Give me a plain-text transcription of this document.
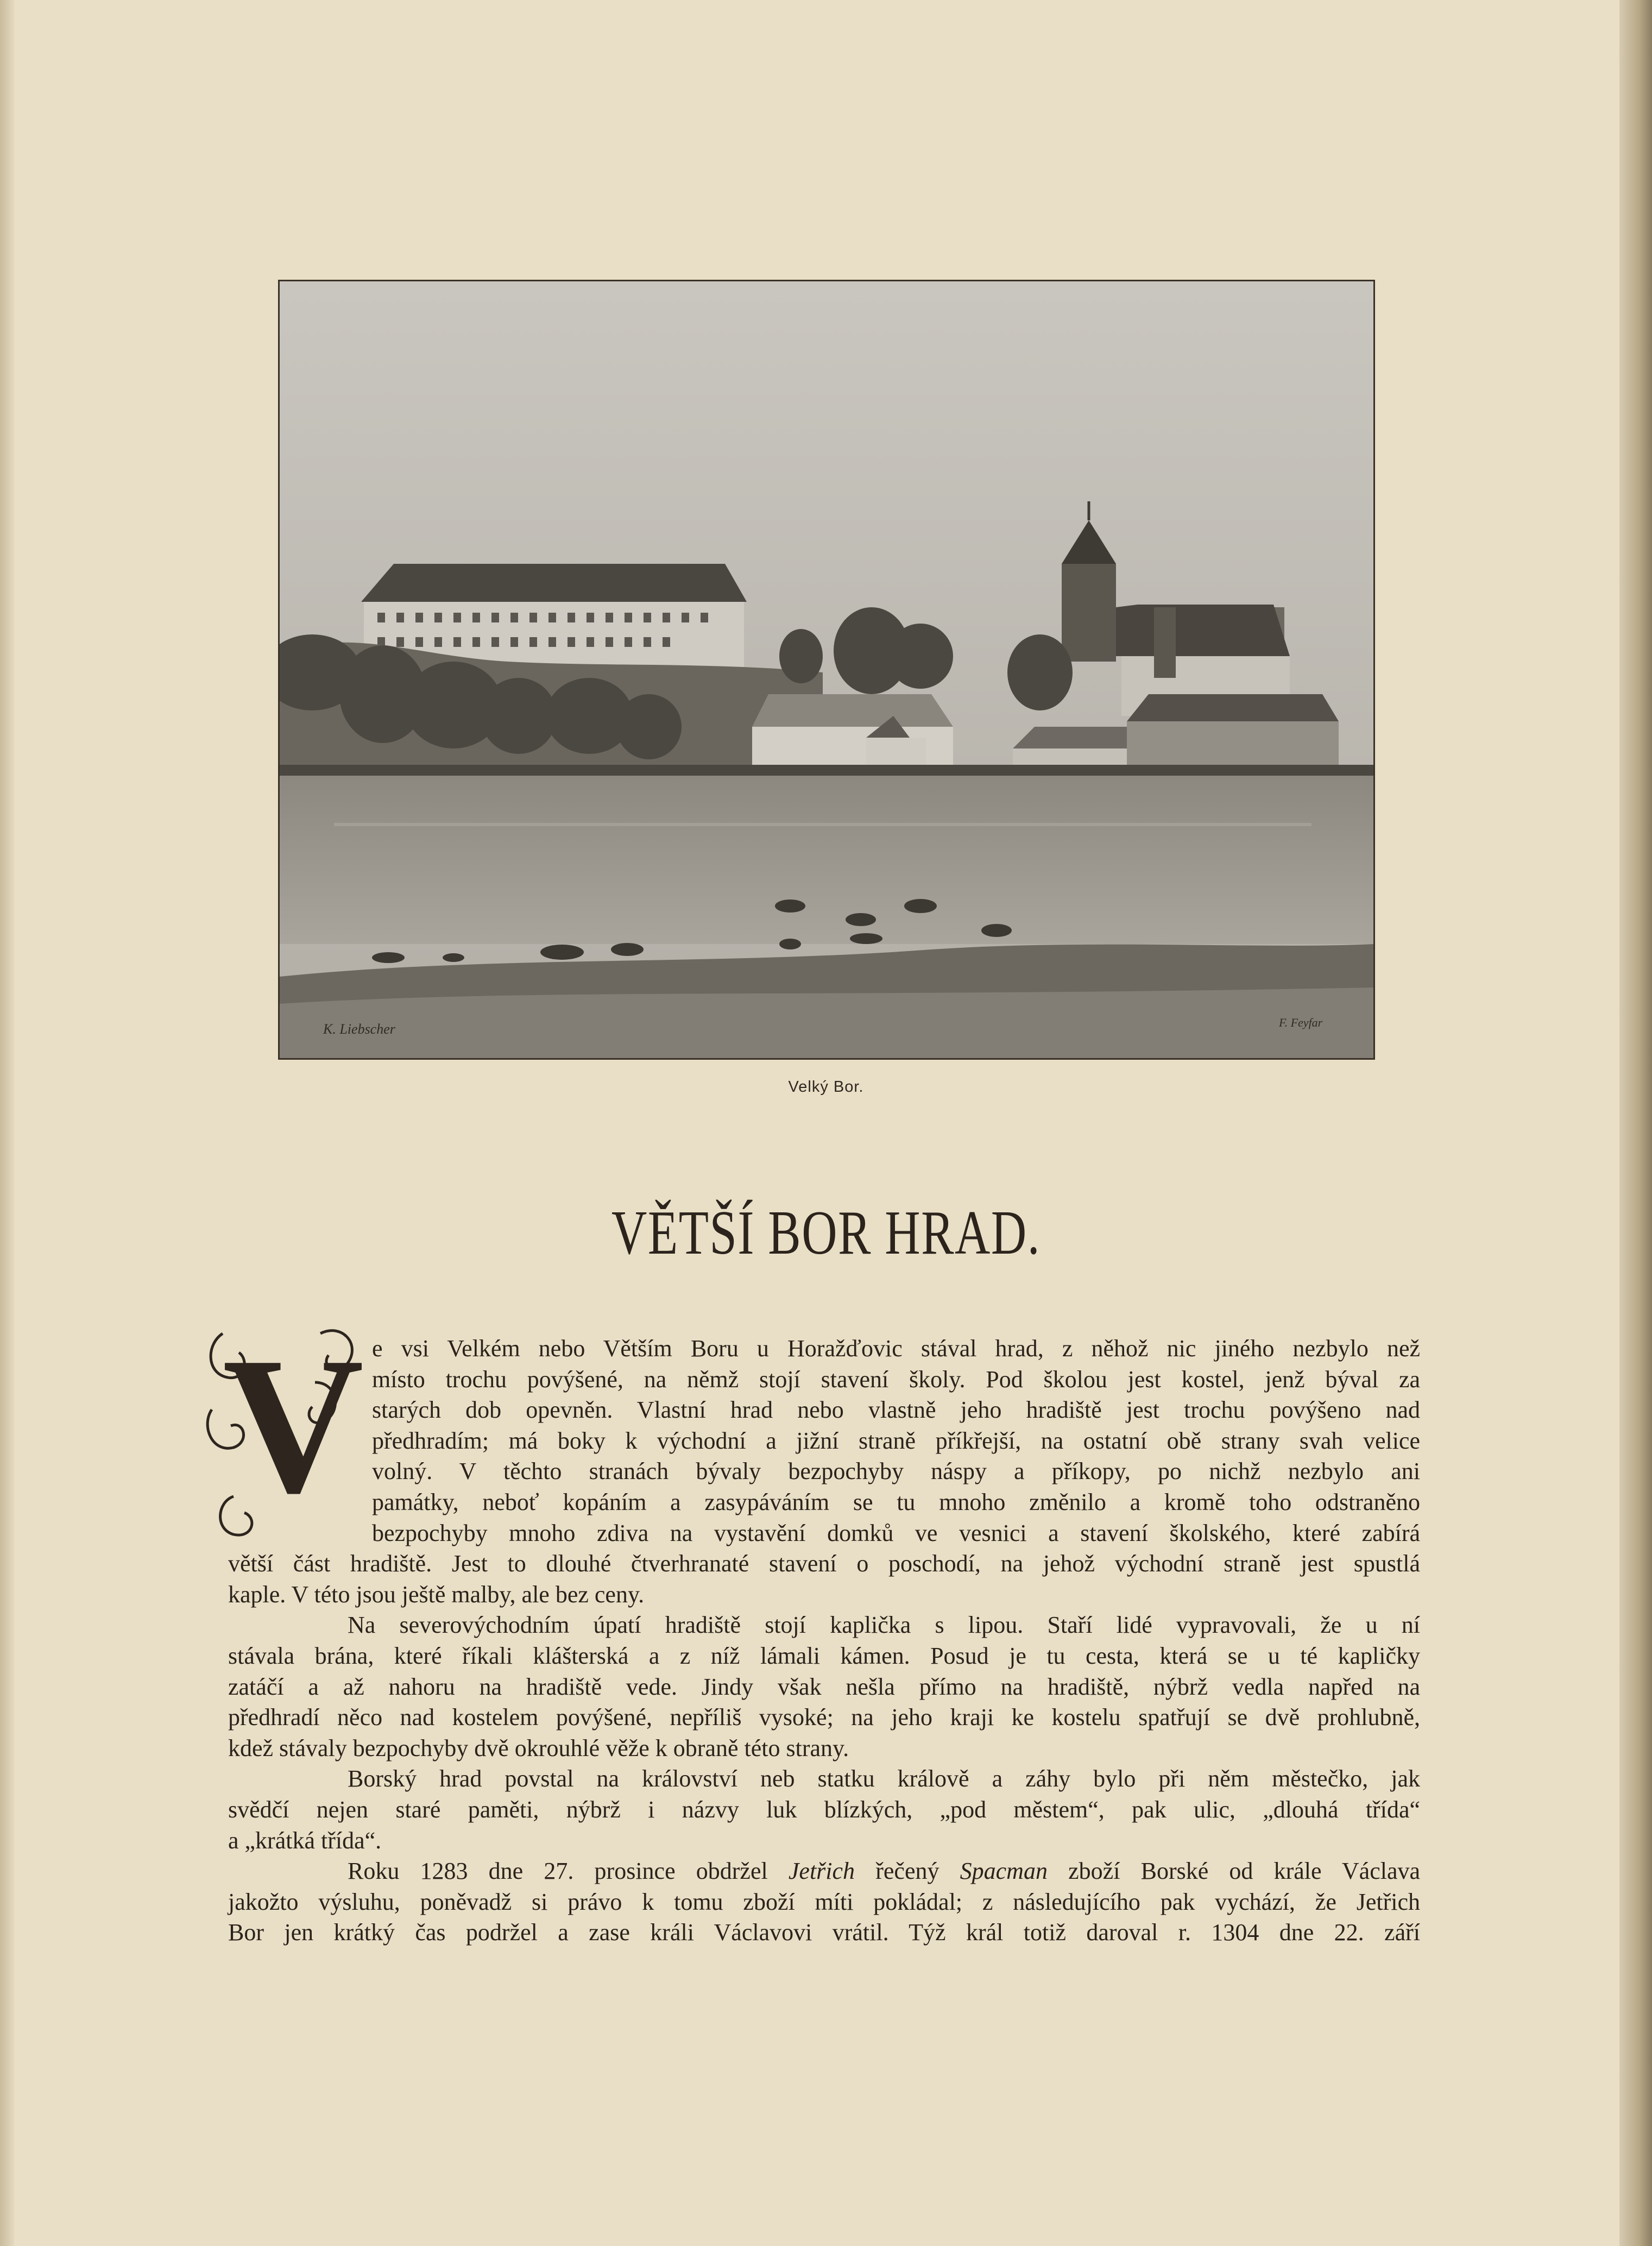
K. Liebscher	F. Feyfar
Velký Bor.
VĚTŠÍ BOR HRAD.
V e vsi Velkém nebo Větším Boru u Horažďovic stával hrad, z něhož nic jiného nezbylo než
místo trochu povýšené, na němž stojí stavení školy. Pod školou jest kostel, jenž býval za
starých dob opevněn. Vlastní hrad nebo vlastně jeho hradiště jest trochu povýšeno nad
předhradím; má boky k východní a jižní straně příkřejší, na ostatní obě strany svah velice
volný. V těchto stranách bývaly bezpochyby náspy a příkopy, po nichž nezbylo ani
památky, neboť kopáním a zasypáváním se tu mnoho změnilo a kromě toho odstraněno
bezpochyby mnoho zdiva na vystavění domků ve vesnici a stavení školského, které zabírá
větší část hradiště. Jest to dlouhé čtverhranaté stavení o poschodí, na jehož východní straně jest spustlá
kaple. V této jsou ještě malby, ale bez ceny.
Na severovýchodním úpatí hradiště stojí kaplička s lipou. Staří lidé vypravovali, že u ní
stávala brána, které říkali klášterská a z níž lámali kámen. Posud je tu cesta, která se u té kapličky
zatáčí a až nahoru na hradiště vede. Jindy však nešla přímo na hradiště, nýbrž vedla napřed na
předhradí něco nad kostelem povýšené, nepříliš vysoké; na jeho kraji ke kostelu spatřují se dvě prohlubně,
kdež stávaly bezpochyby dvě okrouhlé věže k obraně této strany.
Borský hrad povstal na království neb statku králově a záhy bylo při něm městečko, jak
svědčí nejen staré paměti, nýbrž i názvy luk blízkých, „pod městem“, pak ulic, „dlouhá třída“
a „krátká třída“.
Roku 1283 dne 27. prosince obdržel Jetřich řečený Spacman zboží Borské od krále Václava
jakožto výsluhu, poněvadž si právo k tomu zboží míti pokládal; z následujícího pak vychází, že Jetřich
Bor jen krátký čas podržel a zase králi Václavovi vrátil. Týž král totiž daroval r. 1304 dne 22. září
